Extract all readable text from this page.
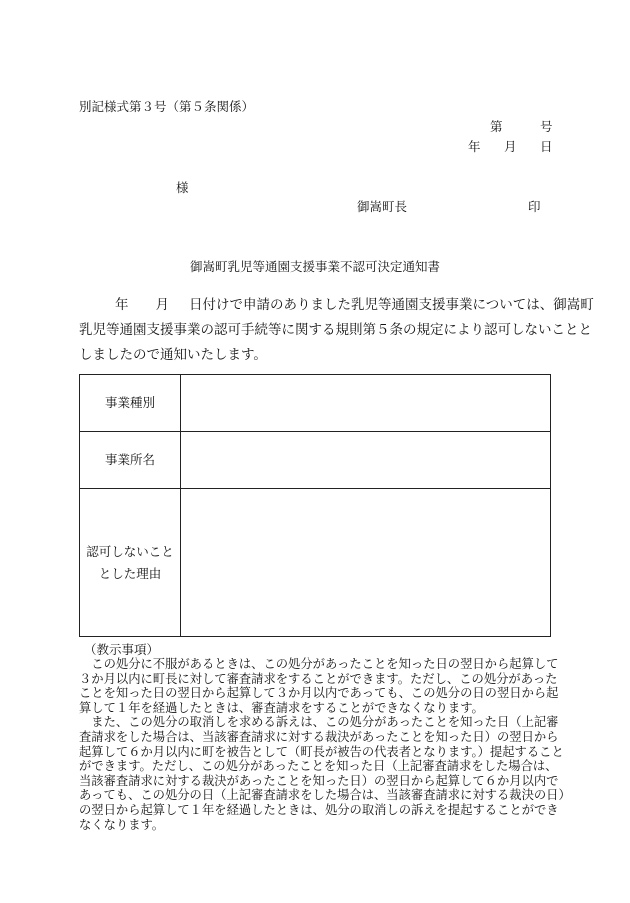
別記様式第３号（第５条関係）
第	号
年 月 日
様
御嵩町長	印
御嵩町乳児等通園支援事業不認可決定通知書
年 月 日付けで申請のありました乳児等通園支援事業については、御嵩町
乳児等通園支援事業の認可手続等に関する規則第５条の規定により認可しないことと
しましたので通知いたします。
事業種別
事業所名
認可しないこと
とした理由
（教示事項）
　この処分に不服があるときは、この処分があったことを知った日の翌日から起算して
３か月以内に町長に対して審査請求をすることができます。ただし、この処分があった
ことを知った日の翌日から起算して３か月以内であっても、この処分の日の翌日から起
算して１年を経過したときは、審査請求をすることができなくなります。
　また、この処分の取消しを求める訴えは、この処分があったことを知った日（上記審
査請求をした場合は、当該審査請求に対する裁決があったことを知った日）の翌日から
起算して６か月以内に町を被告として（町長が被告の代表者となります。）提起すること
ができます。ただし、この処分があったことを知った日（上記審査請求をした場合は、
当該審査請求に対する裁決があったことを知った日）の翌日から起算して６か月以内で
あっても、この処分の日（上記審査請求をした場合は、当該審査請求に対する裁決の日）
の翌日から起算して１年を経過したときは、処分の取消しの訴えを提起することができ
なくなります。
